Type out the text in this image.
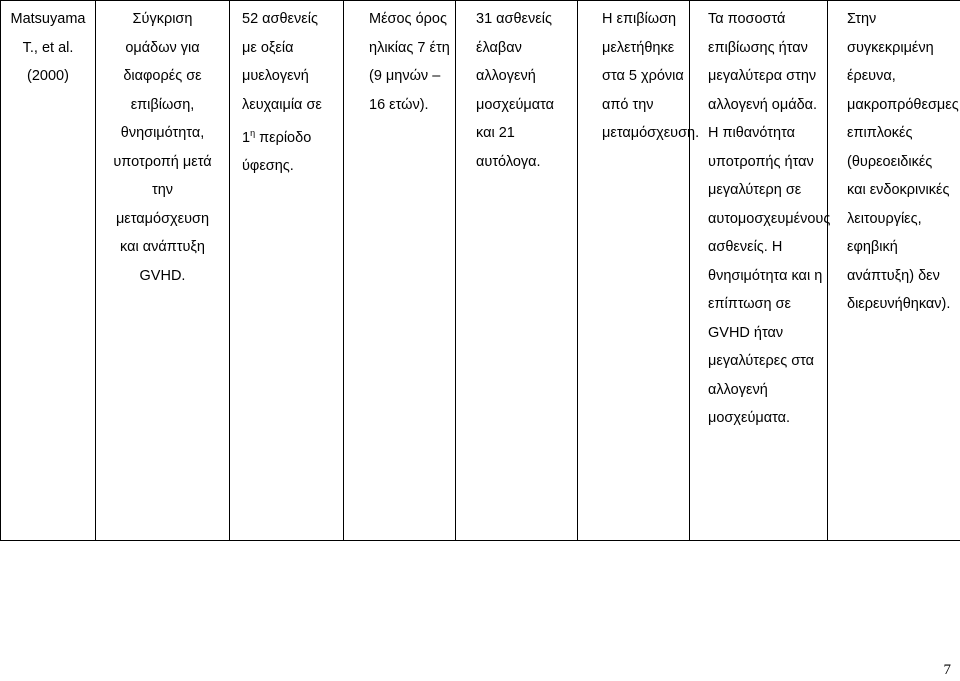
Matsuyama
T., et al.
(2000)

Σύγκριση
ομάδων για
διαφορές σε
επιβίωση,
θνησιμότητα,
υποτροπή μετά
την
μεταμόσχευση
και ανάπτυξη
GVHD.

52 ασθενείς
με οξεία
μυελογενή
λευχαιμία σε
$1^\eta$ περίοδο
ύφεσης.

Μέσος όρος
ηλικίας 7 έτη
(9 μηνών –
16 ετών).

31 ασθενείς
έλαβαν
αλλογενή
μοσχεύματα
και 21
αυτόλογα.

Η επιβίωση
μελετήθηκε
στα 5 χρόνια
από την
μεταμόσχευση.

Τα ποσοστά
επιβίωσης ήταν
μεγαλύτερα στην
αλλογενή ομάδα.
Η πιθανότητα
υποτροπής ήταν
μεγαλύτερη σε
αυτομοσχευμένους
ασθενείς. Η
θνησιμότητα και η
επίπτωση σε
GVHD ήταν
μεγαλύτερες στα
αλλογενή
μοσχεύματα.

Στην
συγκεκριμένη
έρευνα,
μακροπρόθεσμες
επιπλοκές
(θυρεοειδικές
και ενδοκρινικές
λειτουργίες,
εφηβική
ανάπτυξη) δεν
διερευνήθηκαν).
7
